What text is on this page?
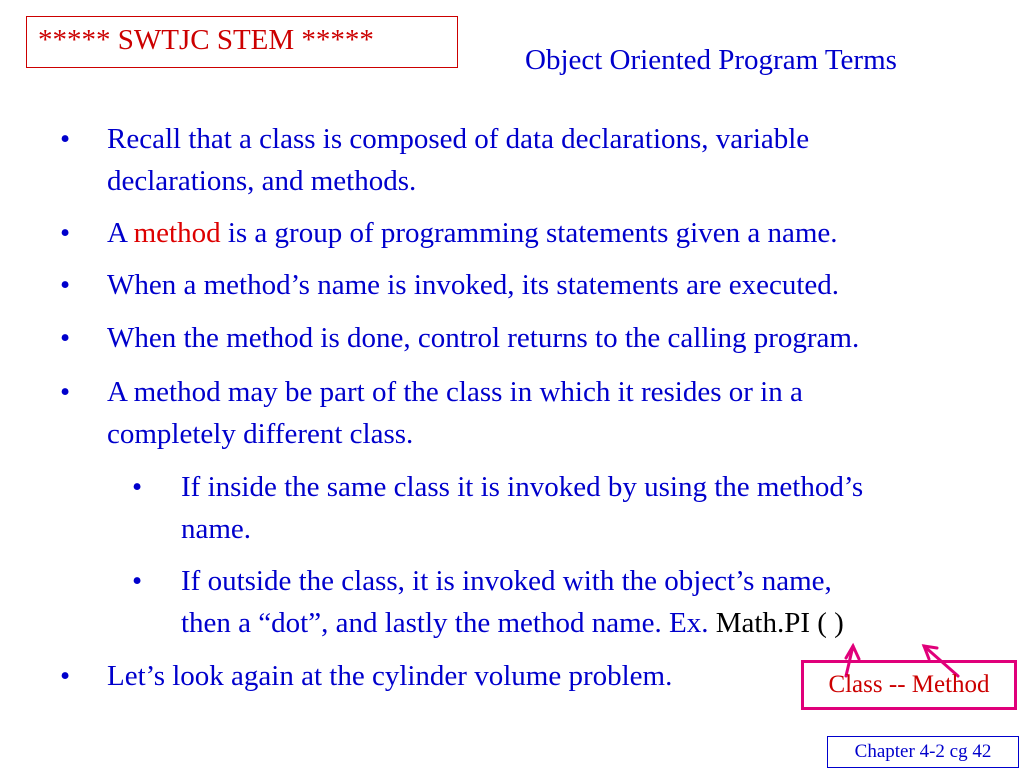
***** SWTJC STEM *****
Object Oriented Program Terms
• Recall that a class is composed of data declarations, variable
declarations, and methods.
• A method is a group of programming statements given a name.
• When a method’s name is invoked, its statements are executed.
• When the method is done, control returns to the calling program.
• A method may be part of the class in which it resides or in a
completely different class.
• If inside the same class it is invoked by using the method’s
name.
• If outside the class, it is invoked with the object’s name,
then a “dot”, and lastly the method name. Ex. Math.PI ( )
• Let’s look again at the cylinder volume problem.	Class -- Method
Chapter 4-2 cg 42
